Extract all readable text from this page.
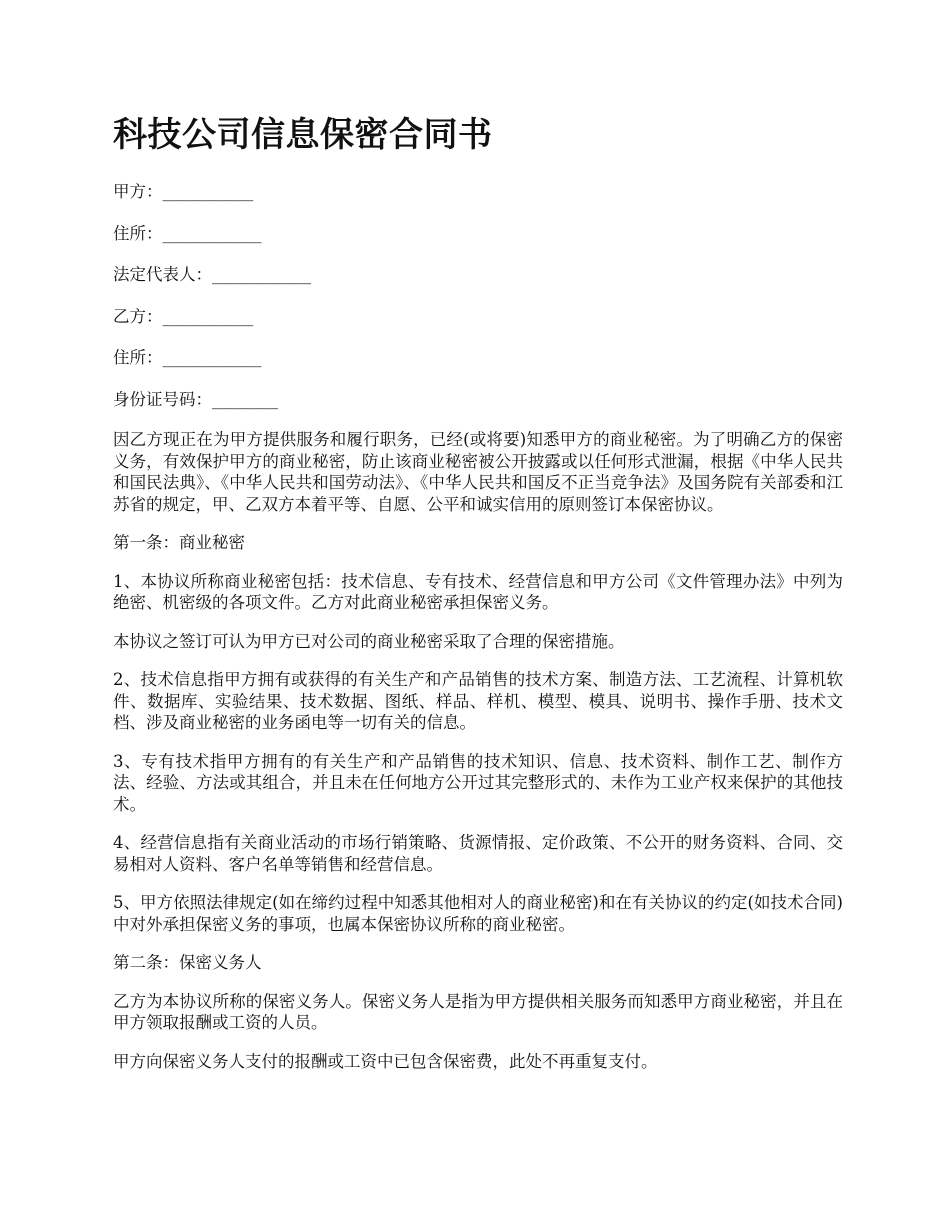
科技公司信息保密合同书
甲方：___________
住所：____________
法定代表人：____________
乙方：___________
住所：____________
身份证号码：________

因乙方现正在为甲方提供服务和履行职务，已经(或将要)知悉甲方的商业秘密。为了明确乙方的保密义务，有效保护甲方的商业秘密，防止该商业秘密被公开披露或以任何形式泄漏，根据《中华人民共和国民法典》、《中华人民共和国劳动法》、《中华人民共和国反不正当竞争法》及国务院有关部委和江苏省的规定，甲、乙双方本着平等、自愿、公平和诚实信用的原则签订本保密协议。

第一条：商业秘密

1、本协议所称商业秘密包括：技术信息、专有技术、经营信息和甲方公司《文件管理办法》中列为绝密、机密级的各项文件。乙方对此商业秘密承担保密义务。

本协议之签订可认为甲方已对公司的商业秘密采取了合理的保密措施。

2、技术信息指甲方拥有或获得的有关生产和产品销售的技术方案、制造方法、工艺流程、计算机软件、数据库、实验结果、技术数据、图纸、样品、样机、模型、模具、说明书、操作手册、技术文档、涉及商业秘密的业务函电等一切有关的信息。

3、专有技术指甲方拥有的有关生产和产品销售的技术知识、信息、技术资料、制作工艺、制作方法、经验、方法或其组合，并且未在任何地方公开过其完整形式的、未作为工业产权来保护的其他技术。

4、经营信息指有关商业活动的市场行销策略、货源情报、定价政策、不公开的财务资料、合同、交易相对人资料、客户名单等销售和经营信息。

5、甲方依照法律规定(如在缔约过程中知悉其他相对人的商业秘密)和在有关协议的约定(如技术合同)中对外承担保密义务的事项，也属本保密协议所称的商业秘密。

第二条：保密义务人

乙方为本协议所称的保密义务人。保密义务人是指为甲方提供相关服务而知悉甲方商业秘密，并且在甲方领取报酬或工资的人员。

甲方向保密义务人支付的报酬或工资中已包含保密费，此处不再重复支付。
